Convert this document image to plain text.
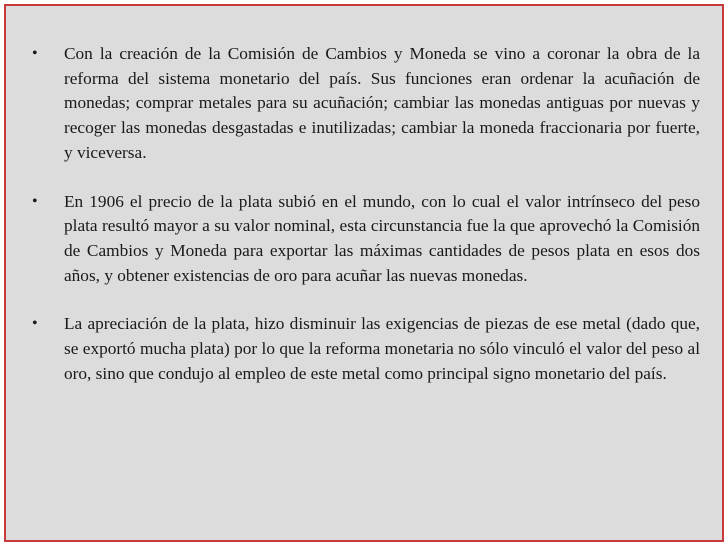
• Con la creación de la Comisión de Cambios y Moneda se vino a coronar la obra de la reforma del sistema monetario del país. Sus funciones eran ordenar la acuñación de monedas; comprar metales para su acuñación; cambiar las monedas antiguas por nuevas y recoger las monedas desgastadas e inutilizadas; cambiar la moneda fraccionaria por fuerte, y viceversa.
• En 1906 el precio de la plata subió en el mundo, con lo cual el valor intrínseco del peso plata resultó mayor a su valor nominal, esta circunstancia fue la que aprovechó la Comisión de Cambios y Moneda para exportar las máximas cantidades de pesos plata en esos dos años, y obtener existencias de oro para acuñar las nuevas monedas.
• La apreciación de la plata, hizo disminuir las exigencias de piezas de ese metal (dado que, se exportó mucha plata) por lo que la reforma monetaria no sólo vinculó el valor del peso al oro, sino que condujo al empleo de este metal como principal signo monetario del país.
